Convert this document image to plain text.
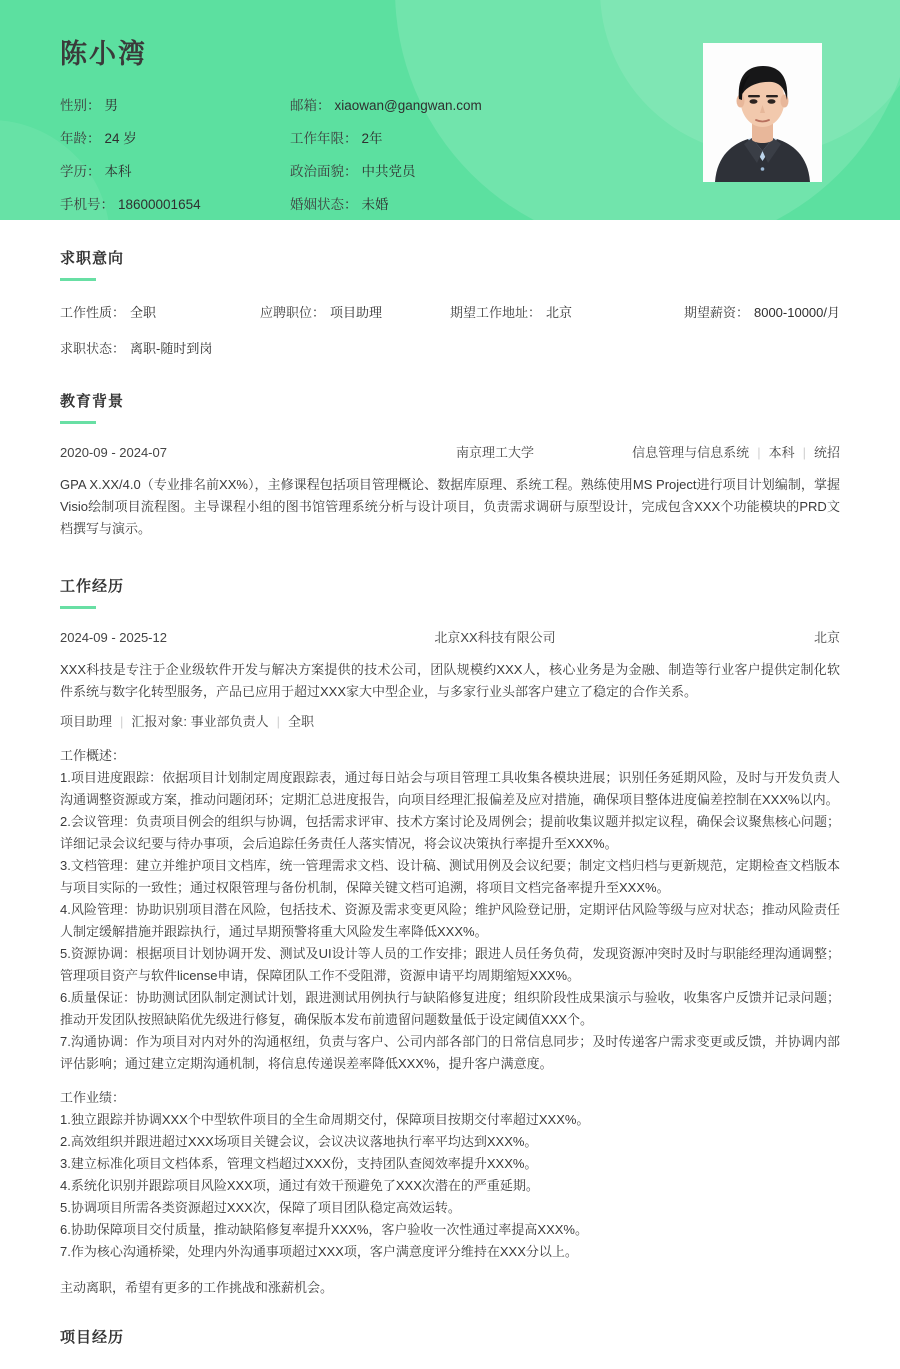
陈小湾
性别： 男	邮箱： xiaowan@gangwan.com
年龄： 24 岁	工作年限： 2年
学历： 本科	政治面貌： 中共党员
手机号： 18600001654	婚姻状态： 未婚
求职意向
工作性质： 全职	应聘职位： 项目助理	期望工作地址： 北京	期望薪资： 8000-10000/月
求职状态： 离职-随时到岗
教育背景
2020-09 - 2024-07	南京理工大学	信息管理与信息系统 | 本科 | 统招
GPA X.XX/4.0（专业排名前XX%），主修课程包括项目管理概论、数据库原理、系统工程。熟练使用MS Project进行项目计划编制，掌握Visio绘制项目流程图。主导课程小组的图书馆管理系统分析与设计项目，负责需求调研与原型设计，完成包含XXX个功能模块的PRD文档撰写与演示。
工作经历
2024-09 - 2025-12	北京XX科技有限公司	北京
XXX科技是专注于企业级软件开发与解决方案提供的技术公司，团队规模约XXX人，核心业务是为金融、制造等行业客户提供定制化软件系统与数字化转型服务，产品已应用于超过XXX家大中型企业，与多家行业头部客户建立了稳定的合作关系。
项目助理 | 汇报对象: 事业部负责人 | 全职
工作概述：
1.项目进度跟踪：依据项目计划制定周度跟踪表，通过每日站会与项目管理工具收集各模块进展；识别任务延期风险，及时与开发负责人沟通调整资源或方案，推动问题闭环；定期汇总进度报告，向项目经理汇报偏差及应对措施，确保项目整体进度偏差控制在XXX%以内。
2.会议管理：负责项目例会的组织与协调，包括需求评审、技术方案讨论及周例会；提前收集议题并拟定议程，确保会议聚焦核心问题；详细记录会议纪要与待办事项，会后追踪任务责任人落实情况，将会议决策执行率提升至XXX%。
3.文档管理：建立并维护项目文档库，统一管理需求文档、设计稿、测试用例及会议纪要；制定文档归档与更新规范，定期检查文档版本与项目实际的一致性；通过权限管理与备份机制，保障关键文档可追溯，将项目文档完备率提升至XXX%。
4.风险管理：协助识别项目潜在风险，包括技术、资源及需求变更风险；维护风险登记册，定期评估风险等级与应对状态；推动风险责任人制定缓解措施并跟踪执行，通过早期预警将重大风险发生率降低XXX%。
5.资源协调：根据项目计划协调开发、测试及UI设计等人员的工作安排；跟进人员任务负荷，发现资源冲突时及时与职能经理沟通调整；管理项目资产与软件license申请，保障团队工作不受阻滞，资源申请平均周期缩短XXX%。
6.质量保证：协助测试团队制定测试计划，跟进测试用例执行与缺陷修复进度；组织阶段性成果演示与验收，收集客户反馈并记录问题；推动开发团队按照缺陷优先级进行修复，确保版本发布前遗留问题数量低于设定阈值XXX个。
7.沟通协调：作为项目对内对外的沟通枢纽，负责与客户、公司内部各部门的日常信息同步；及时传递客户需求变更或反馈，并协调内部评估影响；通过建立定期沟通机制，将信息传递误差率降低XXX%，提升客户满意度。
工作业绩：
1.独立跟踪并协调XXX个中型软件项目的全生命周期交付，保障项目按期交付率超过XXX%。
2.高效组织并跟进超过XXX场项目关键会议，会议决议落地执行率平均达到XXX%。
3.建立标准化项目文档体系，管理文档超过XXX份，支持团队查阅效率提升XXX%。
4.系统化识别并跟踪项目风险XXX项，通过有效干预避免了XXX次潜在的严重延期。
5.协调项目所需各类资源超过XXX次，保障了项目团队稳定高效运转。
6.协助保障项目交付质量，推动缺陷修复率提升XXX%，客户验收一次性通过率提高XXX%。
7.作为核心沟通桥梁，处理内外沟通事项超过XXX项，客户满意度评分维持在XXX分以上。
主动离职，希望有更多的工作挑战和涨薪机会。
项目经历
